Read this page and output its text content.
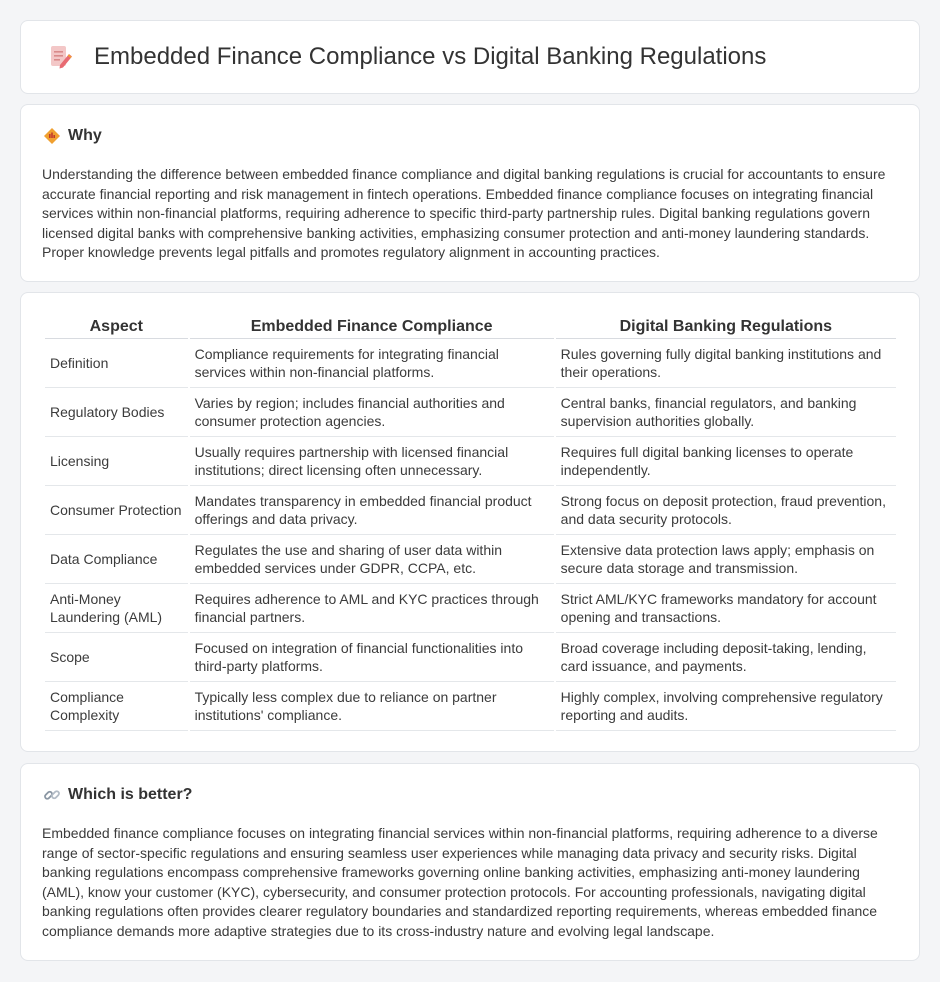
Embedded Finance Compliance vs Digital Banking Regulations
Why

Understanding the difference between embedded finance compliance and digital banking regulations is crucial for accountants to ensure accurate financial reporting and risk management in fintech operations. Embedded finance compliance focuses on integrating financial services within non-financial platforms, requiring adherence to specific third-party partnership rules. Digital banking regulations govern licensed digital banks with comprehensive banking activities, emphasizing consumer protection and anti-money laundering standards. Proper knowledge prevents legal pitfalls and promotes regulatory alignment in accounting practices.

Aspect	Embedded Finance Compliance	Digital Banking Regulations
Definition	Compliance requirements for integrating financial services within non-financial platforms.	Rules governing fully digital banking institutions and their operations.
Regulatory Bodies	Varies by region; includes financial authorities and consumer protection agencies.	Central banks, financial regulators, and banking supervision authorities globally.
Licensing	Usually requires partnership with licensed financial institutions; direct licensing often unnecessary.	Requires full digital banking licenses to operate independently.
Consumer Protection	Mandates transparency in embedded financial product offerings and data privacy.	Strong focus on deposit protection, fraud prevention, and data security protocols.
Data Compliance	Regulates the use and sharing of user data within embedded services under GDPR, CCPA, etc.	Extensive data protection laws apply; emphasis on secure data storage and transmission.
Anti-Money Laundering (AML)	Requires adherence to AML and KYC practices through financial partners.	Strict AML/KYC frameworks mandatory for account opening and transactions.
Scope	Focused on integration of financial functionalities into third-party platforms.	Broad coverage including deposit-taking, lending, card issuance, and payments.
Compliance Complexity	Typically less complex due to reliance on partner institutions' compliance.	Highly complex, involving comprehensive regulatory reporting and audits.
Which is better?

Embedded finance compliance focuses on integrating financial services within non-financial platforms, requiring adherence to a diverse range of sector-specific regulations and ensuring seamless user experiences while managing data privacy and security risks. Digital banking regulations encompass comprehensive frameworks governing online banking activities, emphasizing anti-money laundering (AML), know your customer (KYC), cybersecurity, and consumer protection protocols. For accounting professionals, navigating digital banking regulations often provides clearer regulatory boundaries and standardized reporting requirements, whereas embedded finance compliance demands more adaptive strategies due to its cross-industry nature and evolving legal landscape.
